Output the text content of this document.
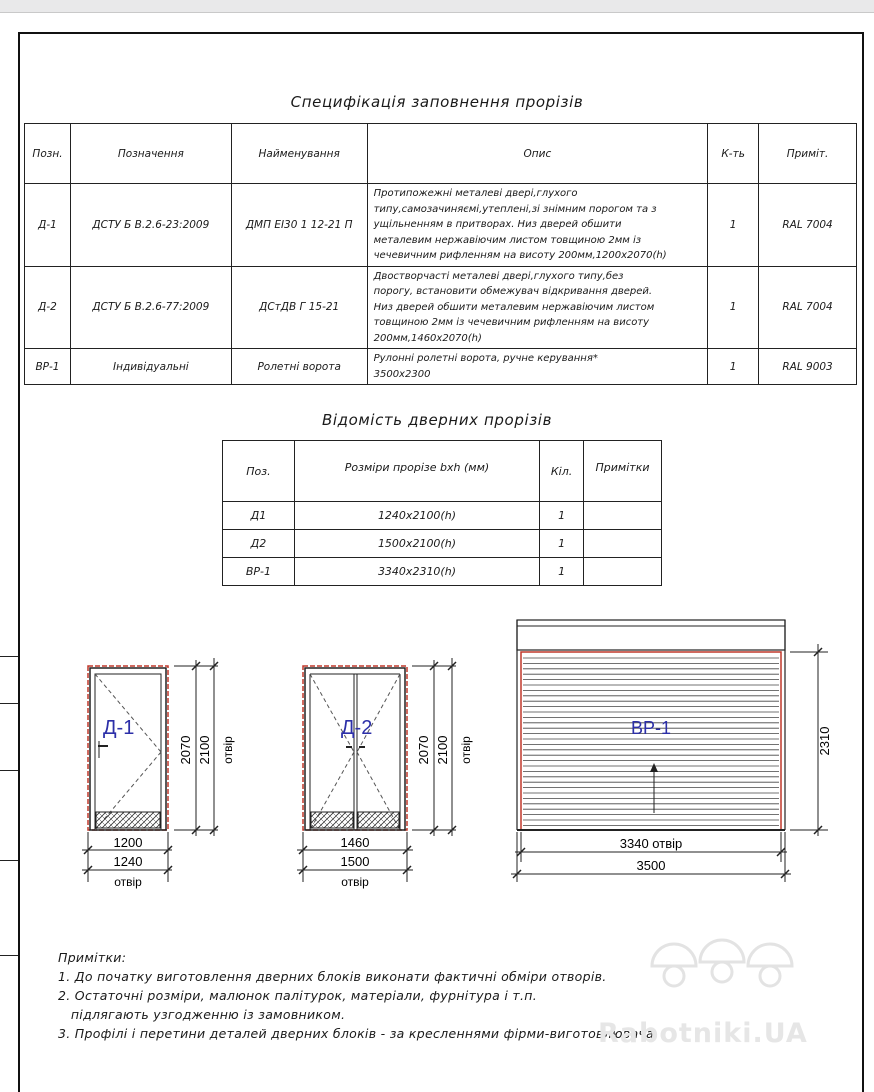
Специфікація заповнення прорізів
Позн.	Позначення	Найменування	Опис	К-ть	Приміт.
Д-1	ДСТУ Б В.2.6-23:2009	ДМП ЕІ30 1 12-21 П	Протипожежні металеві двері,глухого
типу,самозачиняємі,утеплені,зі знімним порогом та з
ущільненням в притворах. Низ дверей обшити
металевим нержавіючим листом товщиною 2мм із
чечевичним рифленням на висоту 200мм,1200х2070(h)	1	RAL 7004
Д-2	ДСТУ Б В.2.6-77:2009	ДСтДВ Г 15-21	Двостворчасті металеві двері,глухого типу,без
порогу, встановити обмежувач відкривання дверей.
Низ дверей обшити металевим нержавіючим листом
товщиною 2мм із чечевичним рифленням на висоту
200мм,1460х2070(h)	1	RAL 7004
ВР-1	Індивідуальні	Ролетні ворота	Рулонні ролетні ворота, ручне керування*
3500х2300	1	RAL 9003
Відомість дверних прорізів
Поз.	Розміри прорізе bxh (мм)	Кіл.	Примітки
Д1	1240х2100(h)	1	
Д2	1500х2100(h)	1	
ВР-1	3340х2310(h)	1	
Д-1
2070 2100 отвір
1200
1240
отвір
Д-2
2070 2100 отвір
1460
1500
отвір
ВР-1	2310
3340 отвір
3500
Примітки:
1. До початку виготовлення дверних блоків виконати фактичні обміри отворів.
2. Остаточні розміри, малюнок палітурок, матеріали, фурнітура і т.п.
підлягають узгодженню із замовником.
3. Профілі і перетини деталей дверних блоків - за кресленнями фірми-виготовлювача.
Rabotniki.UA
